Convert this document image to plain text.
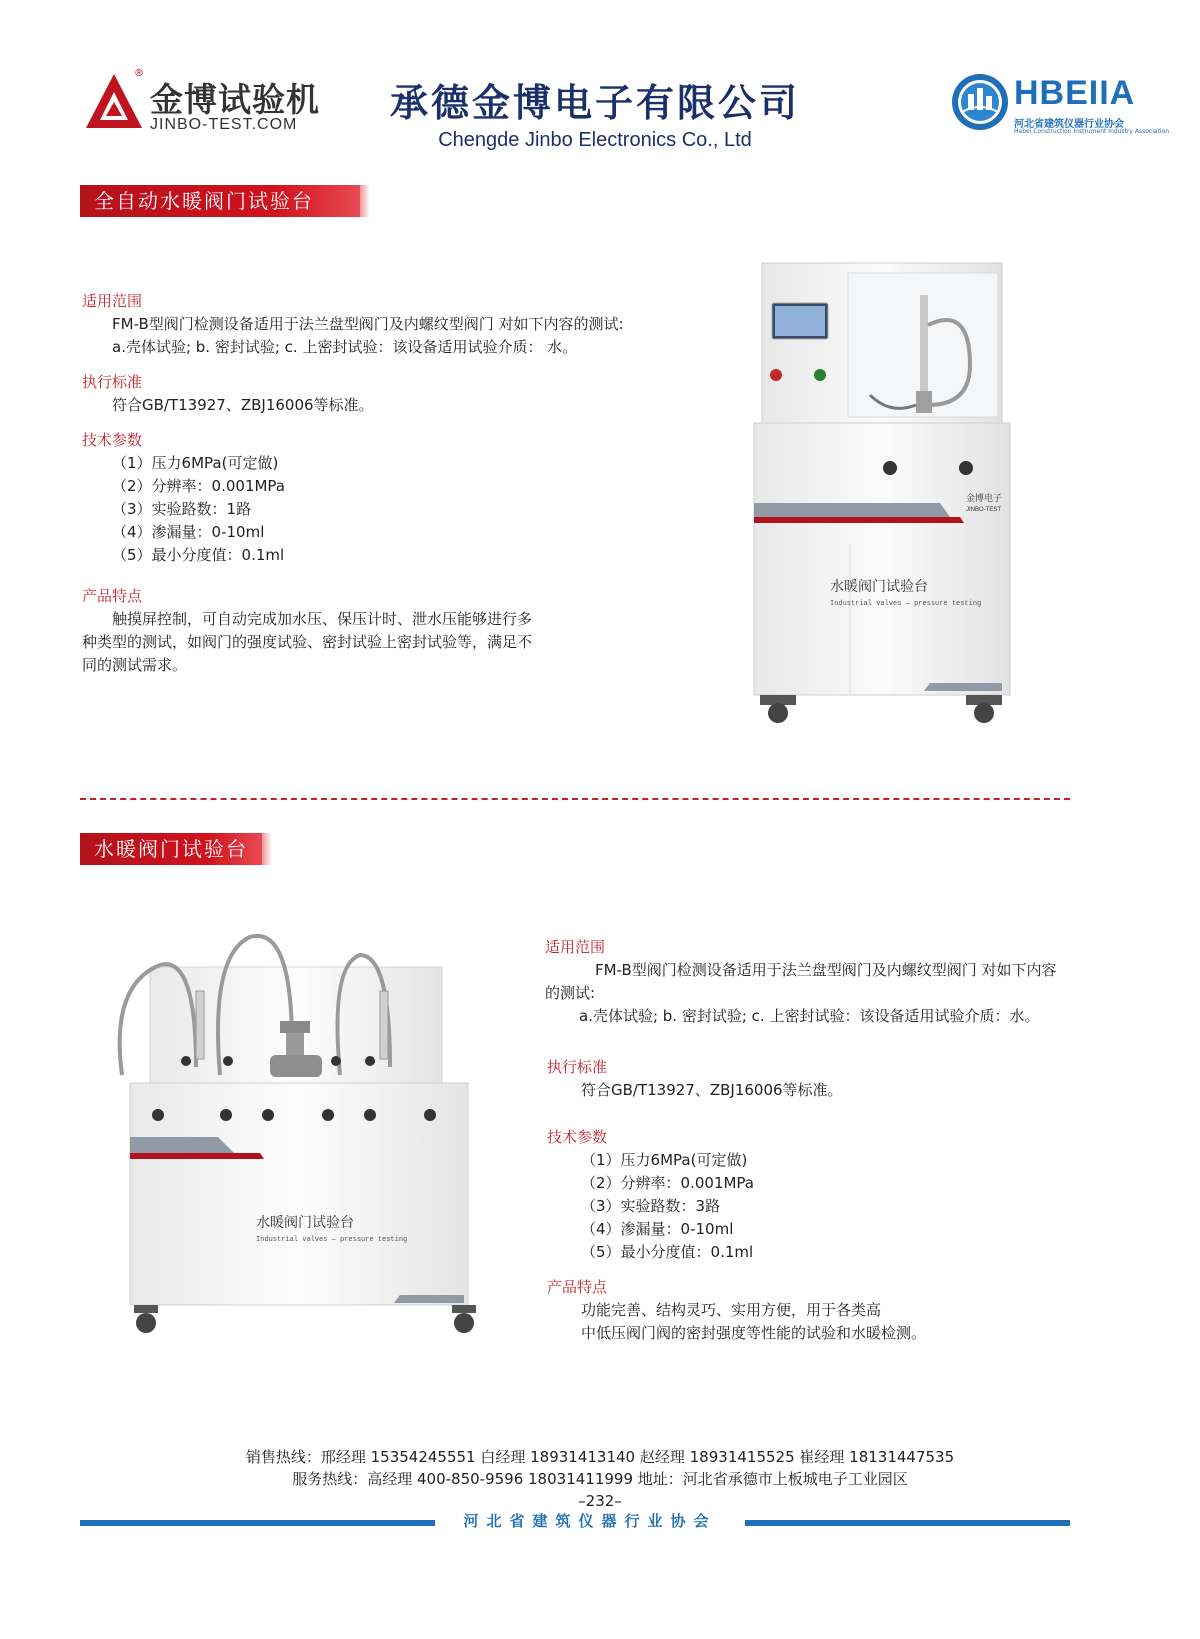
®
金博试验机
JINBO-TEST.COM	承德金博电子有限公司
Chengde Jinbo Electronics Co., Ltd
HBEIIA
河北省建筑仪器行业协会
Hebei Construction Instrument Industry Association
全自动水暖阀门试验台
适用范围

FM-B型阀门检测设备适用于法兰盘型阀门及内螺纹型阀门 对如下内容的测试:

a.壳体试验; b. 密封试验; c. 上密封试验：该设备适用试验介质： 水。

执行标准

符合GB/T13927、ZBJ16006等标准。

技术参数

（1）压力6MPa(可定做)

（2）分辨率：0.001MPa

（3）实验路数：1路

（4）渗漏量：0-10ml

（5）最小分度值：0.1ml

产品特点

触摸屏控制，可自动完成加水压、保压计时、泄水压能够进行多

种类型的测试，如阀门的强度试验、密封试验上密封试验等，满足不

同的测试需求。

金博电子
JINBO-TEST
水暖阀门试验台
Industrial valves — pressure testing
水暖阀门试验台
水暖阀门试验台
Industrial valves — pressure testing
适用范围

FM-B型阀门检测设备适用于法兰盘型阀门及内螺纹型阀门 对如下内容

的测试:

a.壳体试验; b. 密封试验; c. 上密封试验：该设备适用试验介质：水。

执行标准

符合GB/T13927、ZBJ16006等标准。

技术参数

（1）压力6MPa(可定做)

（2）分辨率：0.001MPa

（3）实验路数：3路

（4）渗漏量：0-10ml

（5）最小分度值：0.1ml

产品特点

功能完善、结构灵巧、实用方便，用于各类高

中低压阀门阀的密封强度等性能的试验和水暖检测。

销售热线：邢经理 15354245551 白经理 18931413140 赵经理 18931415525 崔经理 18131447535

服务热线：高经理 400-850-9596 18031411999 地址：河北省承德市上板城电子工业园区

–232–

河北省建筑仪器行业协会
